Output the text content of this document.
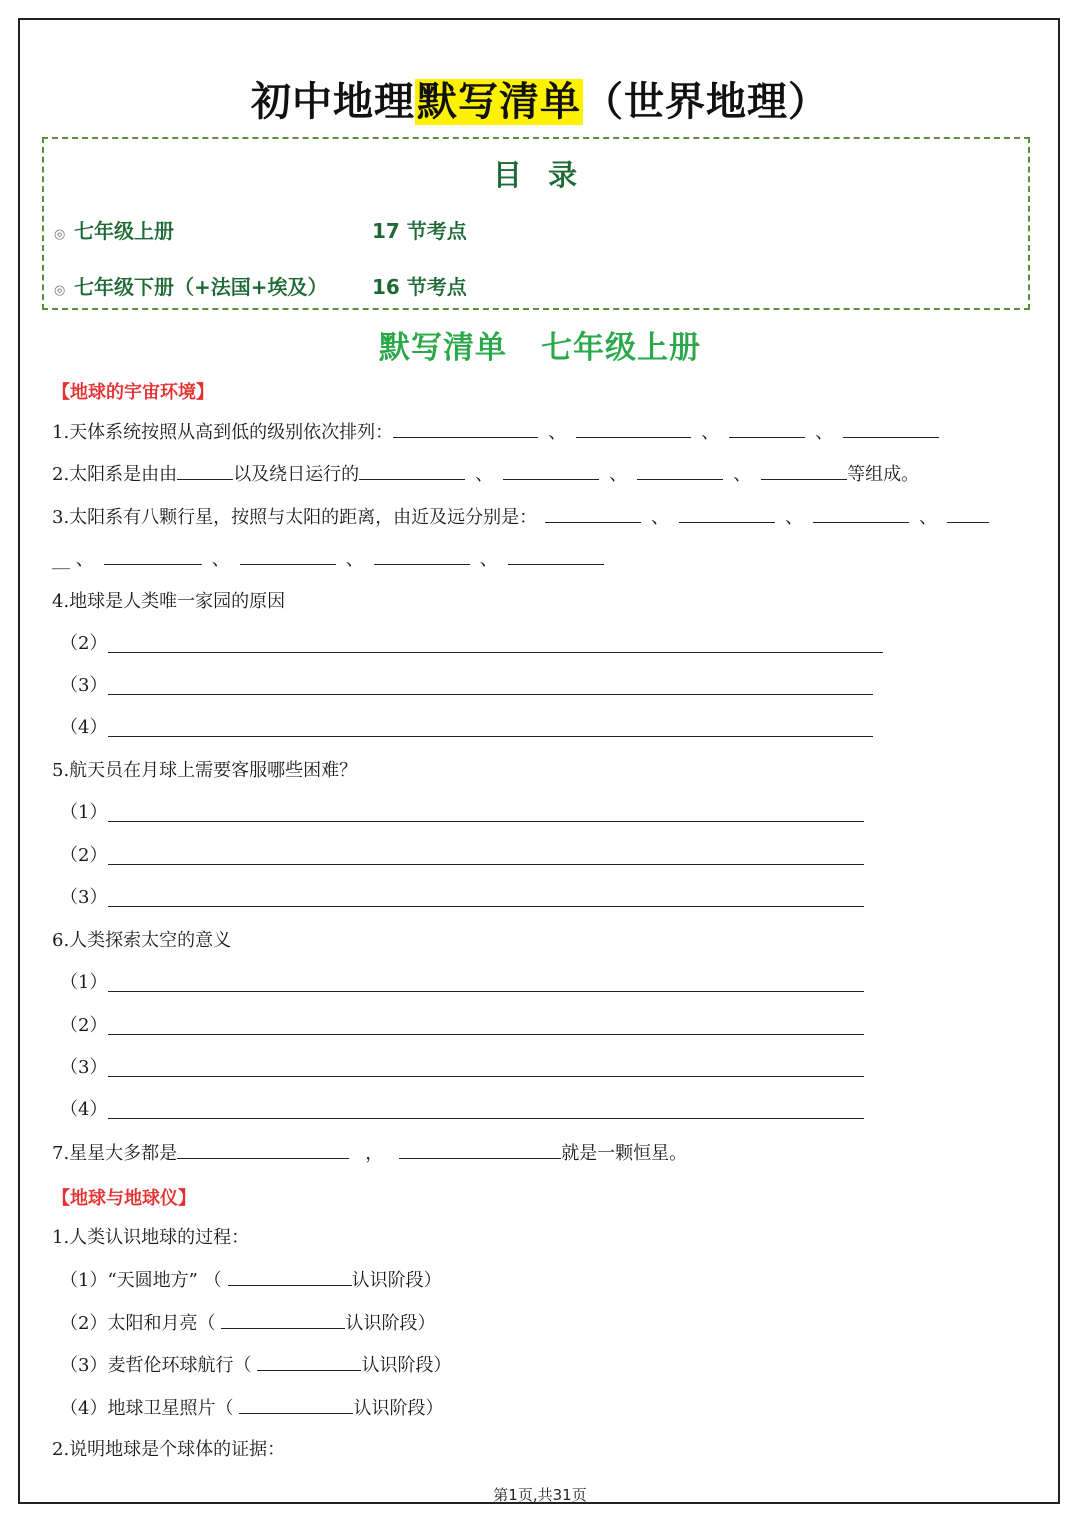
初中地理默写清单（世界地理）
目  录
◎ 七年级上册	17 节考点
◎ 七年级下册（+法国+埃及） 16 节考点
默写清单 七年级上册
【地球的宇宙环境】
1.天体系统按照从高到低的级别依次排列：	、	、	、
2.太阳系是由由	以及绕日运行的	、	、	、	等组成。
3.太阳系有八颗行星，按照与太阳的距离，由近及远分别是：	、	、	、
__ 、	、	、	、
4.地球是人类唯一家园的原因
（2）
（3）
（4）
5.航天员在月球上需要客服哪些困难？
（1）
（2）
（3）
6.人类探索太空的意义
（1）
（2）
（3）
（4）
7.星星大多都是	，	就是一颗恒星。
【地球与地球仪】
1.人类认识地球的过程：
（1）“天圆地方” （	认识阶段）
（2）太阳和月亮（	认识阶段）
（3）麦哲伦环球航行（	认识阶段）
（4）地球卫星照片（	认识阶段）
2.说明地球是个球体的证据：
第1页,共31页
